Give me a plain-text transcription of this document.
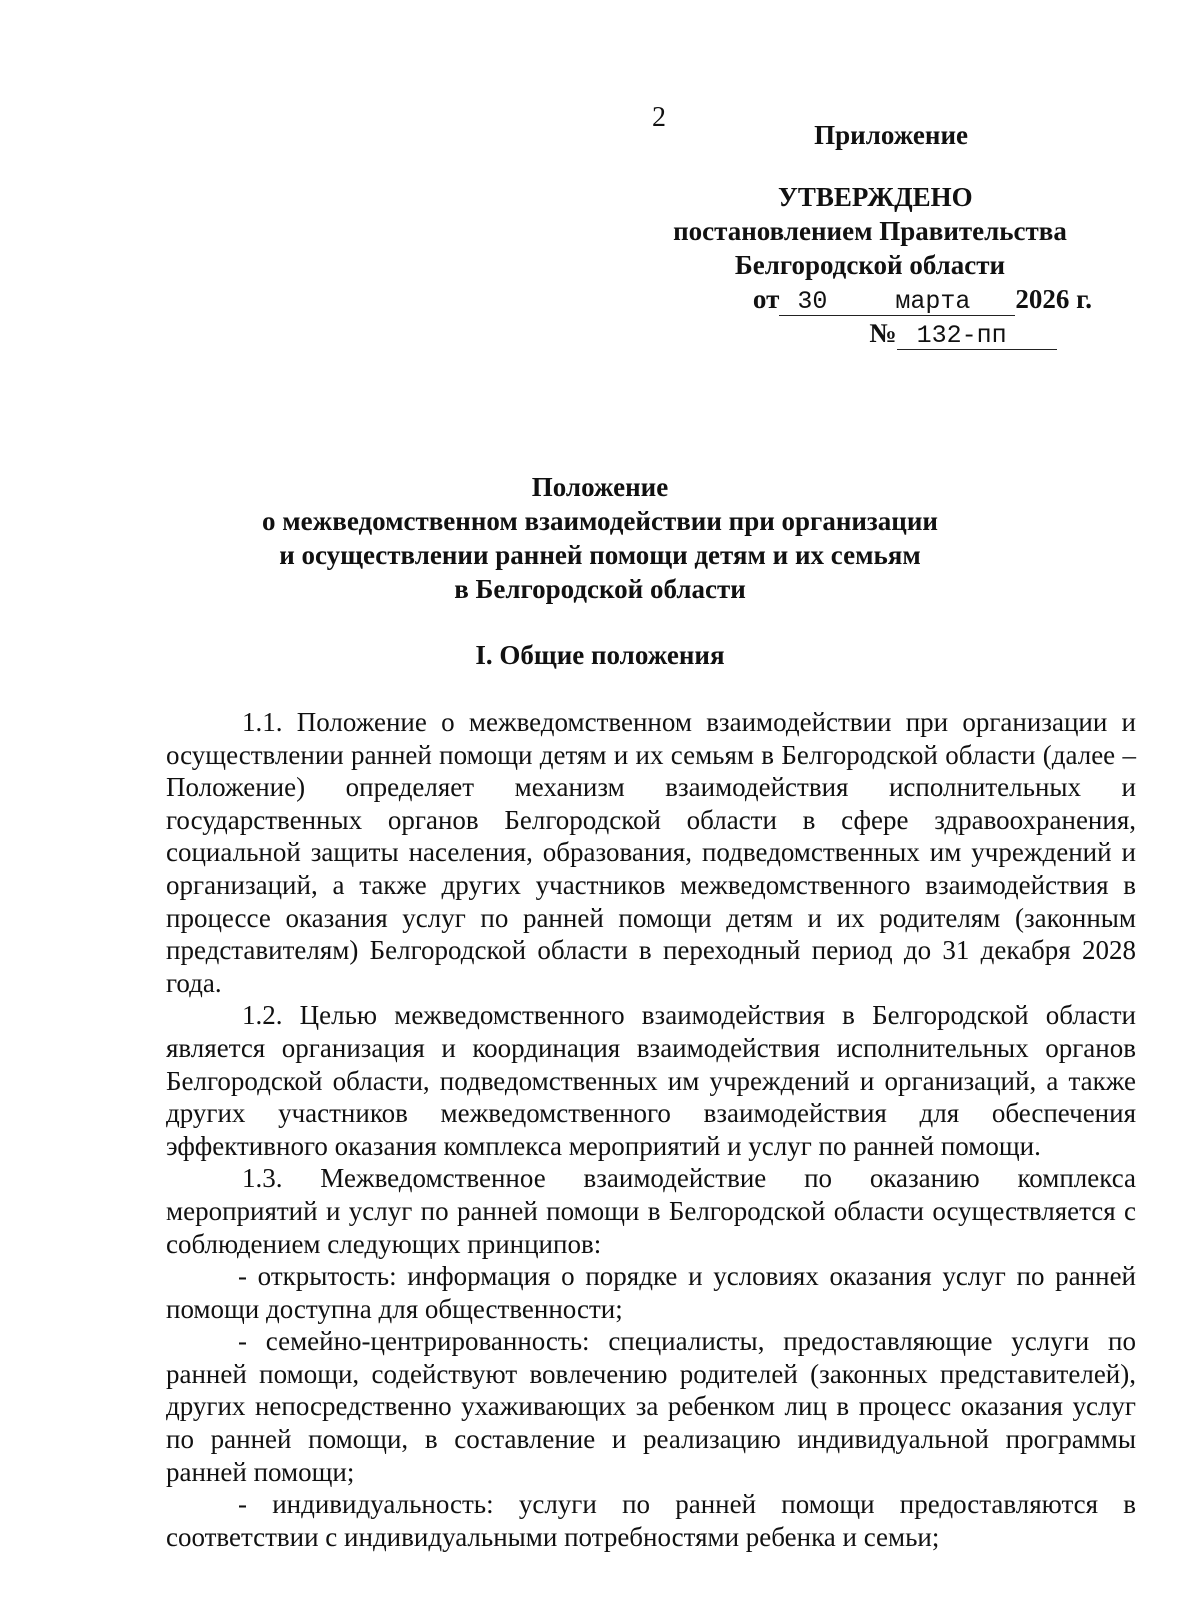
2
Приложение
УТВЕРЖДЕНО
постановлением Правительства
Белгородской области
от 30	марта 2026 г.
№ 132-пп
Положение
о межведомственном взаимодействии при организации
и осуществлении ранней помощи детям и их семьям
в Белгородской области
I. Общие положения

1.1. Положение о межведомственном взаимодействии при организации и осуществлении ранней помощи детям и их семьям в Белгородской области (далее – Положение) определяет механизм взаимодействия исполнительных и государственных органов Белгородской области в сфере здравоохранения, социальной защиты населения, образования, подведомственных им учреждений и организаций, а также других участников межведомственного взаимодействия в процессе оказания услуг по ранней помощи детям и их родителям (законным представителям) Белгородской области в переходный период до 31 декабря 2028 года.

1.2. Целью межведомственного взаимодействия в Белгородской области является организация и координация взаимодействия исполнительных органов Белгородской области, подведомственных им учреждений и организаций, а также других участников межведомственного взаимодействия для обеспечения эффективного оказания комплекса мероприятий и услуг по ранней помощи.

1.3. Межведомственное взаимодействие по оказанию комплекса мероприятий и услуг по ранней помощи в Белгородской области осуществляется с соблюдением следующих принципов:

- открытость: информация о порядке и условиях оказания услуг по ранней помощи доступна для общественности;

- семейно-центрированность: специалисты, предоставляющие услуги по ранней помощи, содействуют вовлечению родителей (законных представителей), других непосредственно ухаживающих за ребенком лиц в процесс оказания услуг по ранней помощи, в составление и реализацию индивидуальной программы ранней помощи;

- индивидуальность: услуги по ранней помощи предоставляются в соответствии с индивидуальными потребностями ребенка и семьи;
